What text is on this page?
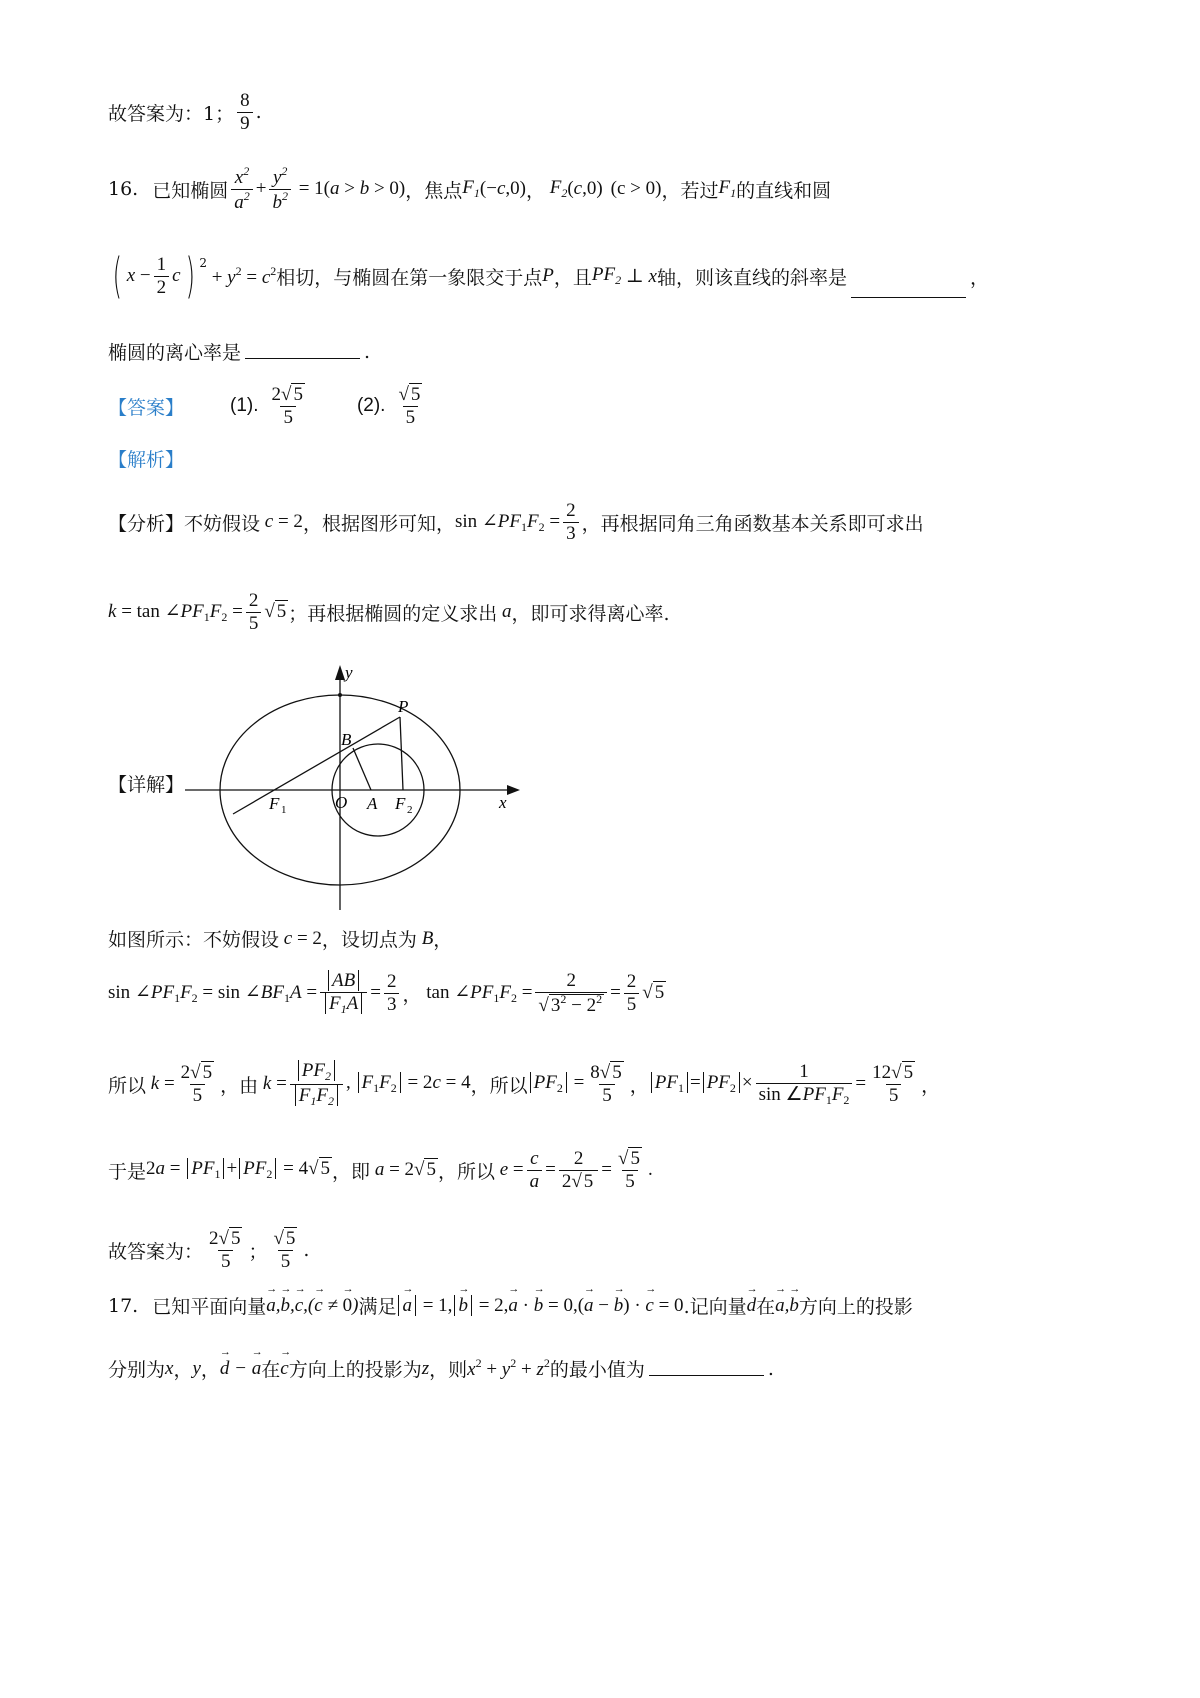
故答案为：1； $\frac{8}{9}$ .
16. 已知椭圆 $\frac{x^2}{a^2} + \frac{y^2}{b^2} = 1(a > b > 0)$ ，焦点 $F_1$ (−c,0) ， $F_2$ (c,0) (c > 0) ，若过 $F_1$ 的直线和圆
( $x - \frac{1}{2}$ c ) $^2$
+ $y^2 = c^2$ 相切，与椭圆在第一象限交于点 P ，且 $PF_2$ ⊥ x 轴，则该直线的斜率是	，
椭圆的离心率是	.
【答案】 (1). $\frac{2√ 5}{5}$	(2). $\frac{√ 5}{5}$
【解析】
【分析】 不妨假设 c = 2 ，根据图形可知， $\sin \angle PF_1F_2 = \frac{2}{3}$ ，再根据同角三角函数基本关系即可求出
$k = \tan \angle PF_1F_2 = \frac{2}{5}$ √ 5 ；再根据椭圆的定义求出 a ，即可求得离心率.
【详解】
y
x
P
B
F 1	O A F 2
如图所示：不妨假设 c = 2 ，设切点为 B ，
$\sin \angle PF_1F_2 = \sin$ $\angle BF_1A = \frac{AB}{F_1A} = \frac{2}{3}$ ， $\tan \angle PF_1F_2 = \frac{2}{√ 3^2 - 2^2} = \frac{2}{5}$ √ 5
所以 $k = \frac{2√ 5}{5}$ ，由 $k = \frac{PF_2}{F_1F_2}$ , $F_1F_2 = 2c = 4$ ，所以 $PF_2 = \frac{8√ 5}{5}$ ， $PF_1 = PF_2 \times \frac{1}{\sin \angle PF_1F_2} = \frac{12√ 5}{5}$ ，
于是 $2a = PF_1 + PF_2 = 4√$ 5 ，即 a = 2√ 5 ，所以 $e = \frac{c}{a} = \frac{2}{2√ 5} = \frac{√ 5}{5}$ .
故答案为： $\frac{2√ 5}{5}$ ； $\frac{√ 5}{5}$ .
17. 已知平面向量 → a,→ b,→ c,(→ c ≠ → 0) 满足 → a = 1, → b = 2,→ a · → b = 0,(→ a − → b) · → c = 0 .记向量 → d 在 → a,→ b 方向上的投影
分别为 x ， y ， → d − → a 在 → c 方向上的投影为 z ，则 $x^2 + y^2 + z^2$ 的最小值为	.
